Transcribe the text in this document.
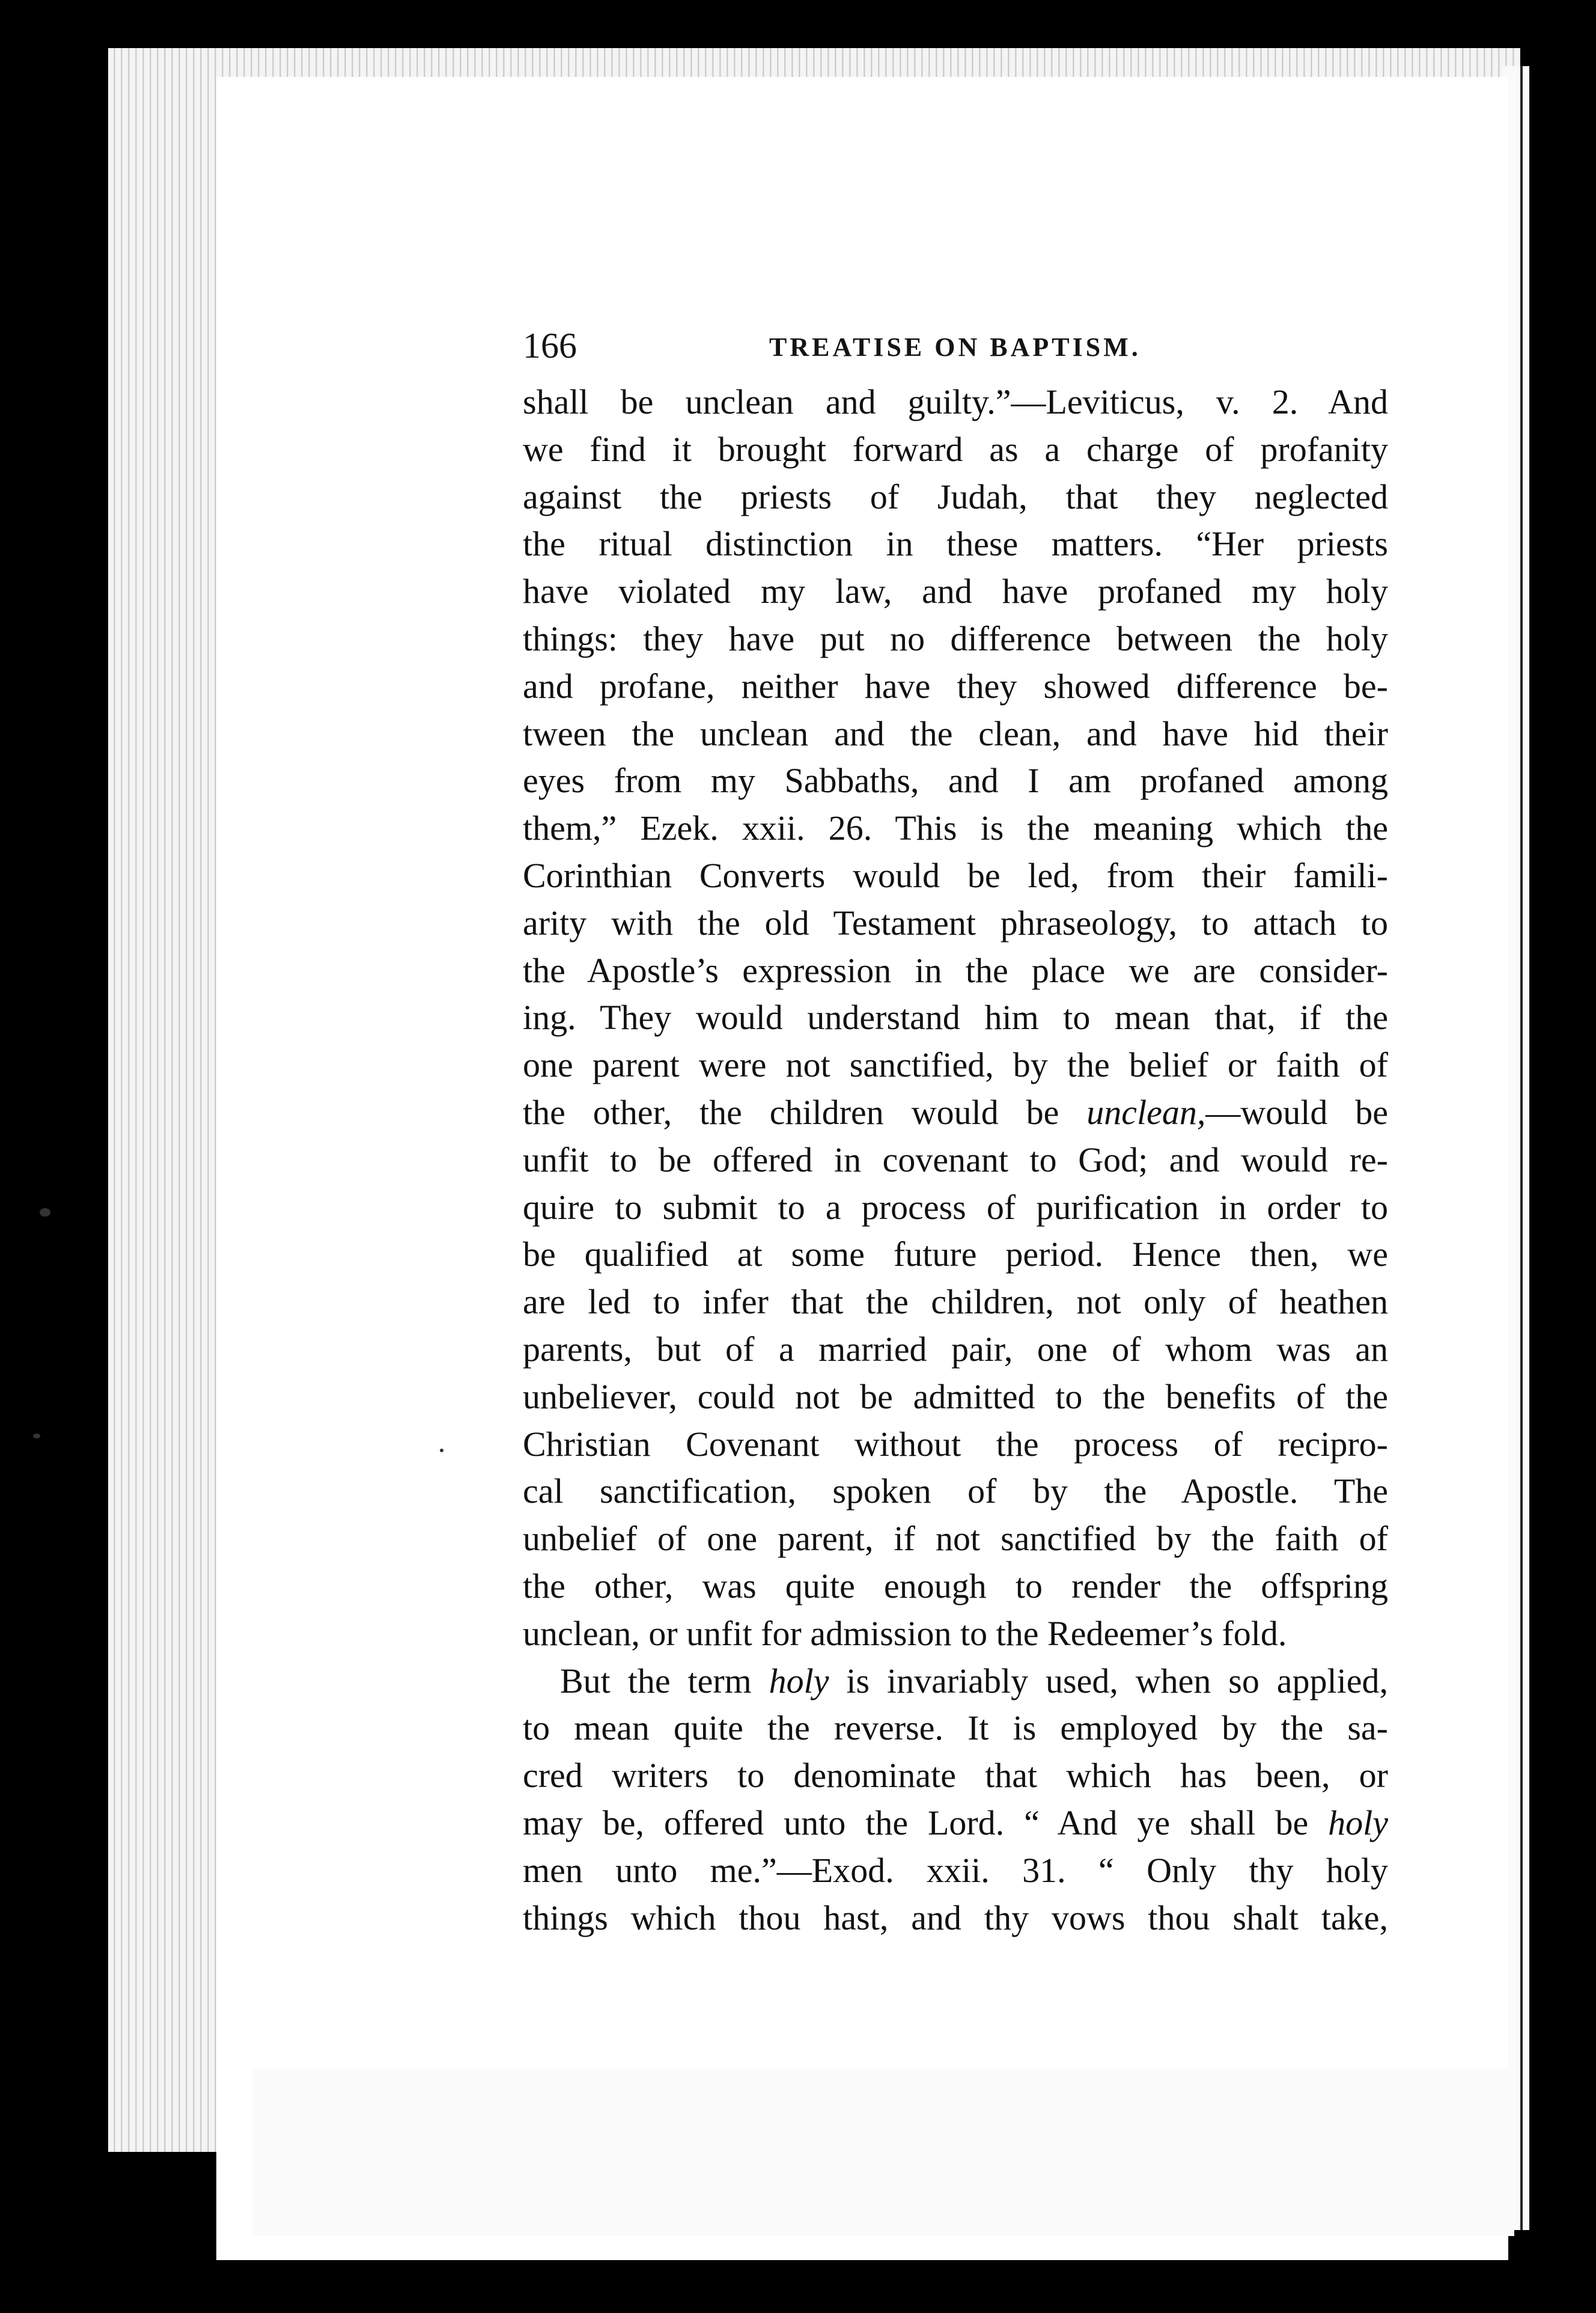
166	TREATISE ON BAPTISM.
shall be unclean and guilty.”—Leviticus, v. 2. And
we find it brought forward as a charge of profanity
against the priests of Judah, that they neglected
the ritual distinction in these matters. “Her priests
have violated my law, and have profaned my holy
things: they have put no difference between the holy
and profane, neither have they showed difference be-
tween the unclean and the clean, and have hid their
eyes from my Sabbaths, and I am profaned among
them,” Ezek. xxii. 26. This is the meaning which the
Corinthian Converts would be led, from their famili-
arity with the old Testament phraseology, to attach to
the Apostle’s expression in the place we are consider-
ing. They would understand him to mean that, if the
one parent were not sanctified, by the belief or faith of
the other, the children would be unclean,—would be
unfit to be offered in covenant to God; and would re-
quire to submit to a process of purification in order to
be qualified at some future period. Hence then, we
are led to infer that the children, not only of heathen
parents, but of a married pair, one of whom was an
unbeliever, could not be admitted to the benefits of the
Christian Covenant without the process of recipro-
cal sanctification, spoken of by the Apostle. The
unbelief of one parent, if not sanctified by the faith of
the other, was quite enough to render the offspring
unclean, or unfit for admission to the Redeemer’s fold.
But the term holy is invariably used, when so applied,
to mean quite the reverse. It is employed by the sa-
cred writers to denominate that which has been, or
may be, offered unto the Lord. “ And ye shall be holy
men unto me.”—Exod. xxii. 31. “ Only thy holy
things which thou hast, and thy vows thou shalt take,
